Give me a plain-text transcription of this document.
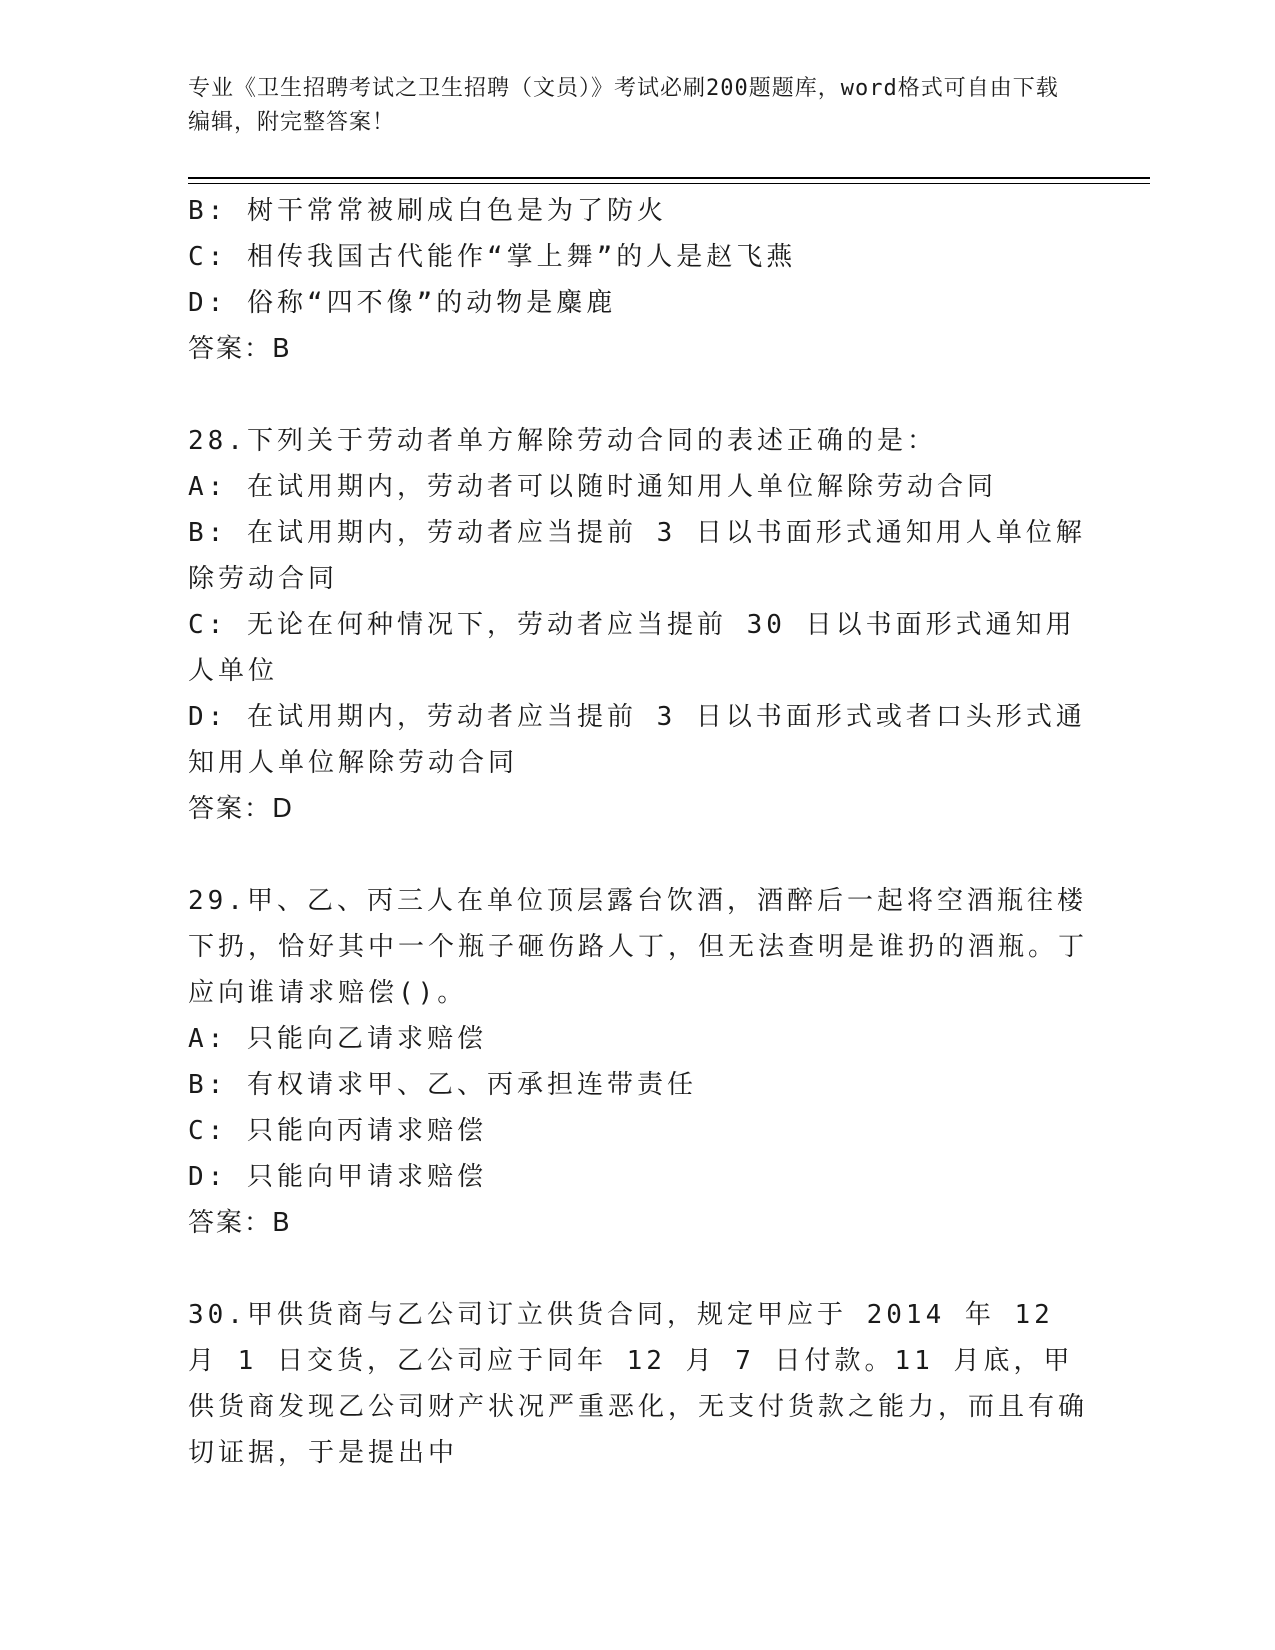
专业《卫生招聘考试之卫生招聘（文员）》考试必刷200题题库，word格式可自由下载编辑，附完整答案！
B: 树干常常被刷成白色是为了防火
C: 相传我国古代能作“掌上舞”的人是赵飞燕
D: 俗称“四不像”的动物是麋鹿
答案：B
28.下列关于劳动者单方解除劳动合同的表述正确的是：
A: 在试用期内，劳动者可以随时通知用人单位解除劳动合同
B: 在试用期内，劳动者应当提前 3 日以书面形式通知用人单位解除劳动合同
C: 无论在何种情况下，劳动者应当提前 30 日以书面形式通知用人单位
D: 在试用期内，劳动者应当提前 3 日以书面形式或者口头形式通知用人单位解除劳动合同
答案：D
29.甲、乙、丙三人在单位顶层露台饮酒，酒醉后一起将空酒瓶往楼下扔，恰好其中一个瓶子砸伤路人丁，但无法查明是谁扔的酒瓶。丁应向谁请求赔偿()。
A: 只能向乙请求赔偿
B: 有权请求甲、乙、丙承担连带责任
C: 只能向丙请求赔偿
D: 只能向甲请求赔偿
答案：B
30.甲供货商与乙公司订立供货合同，规定甲应于 2014 年 12 月 1 日交货，乙公司应于同年 12 月 7 日付款。11 月底，甲供货商发现乙公司财产状况严重恶化，无支付货款之能力，而且有确切证据，于是提出中
